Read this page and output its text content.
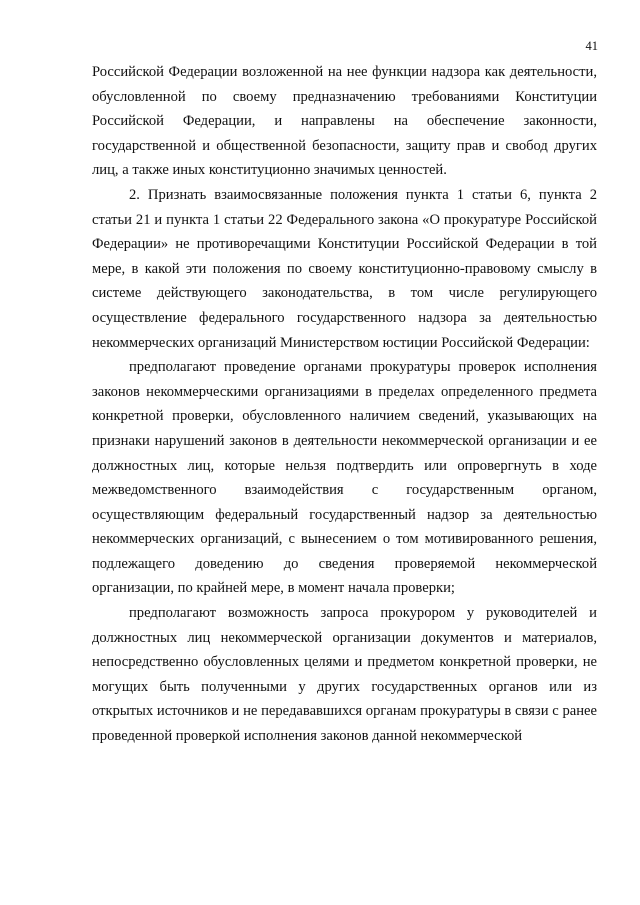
41

Российской Федерации возложенной на нее функции надзора как деятельности, обусловленной по своему предназначению требованиями Конституции Российской Федерации, и направлены на обеспечение законности, государственной и общественной безопасности, защиту прав и свобод других лиц, а также иных конституционно значимых ценностей.

2. Признать взаимосвязанные положения пункта 1 статьи 6, пункта 2 статьи 21 и пункта 1 статьи 22 Федерального закона «О прокуратуре Российской Федерации» не противоречащими Конституции Российской Федерации в той мере, в какой эти положения по своему конституционно-правовому смыслу в системе действующего законодательства, в том числе регулирующего осуществление федерального государственного надзора за деятельностью некоммерческих организаций Министерством юстиции Российской Федерации:

предполагают проведение органами прокуратуры проверок исполнения законов некоммерческими организациями в пределах определенного предмета конкретной проверки, обусловленного наличием сведений, указывающих на признаки нарушений законов в деятельности некоммерческой организации и ее должностных лиц, которые нельзя подтвердить или опровергнуть в ходе межведомственного взаимодействия с государственным органом, осуществляющим федеральный государственный надзор за деятельностью некоммерческих организаций, с вынесением о том мотивированного решения, подлежащего доведению до сведения проверяемой некоммерческой организации, по крайней мере, в момент начала проверки;

предполагают возможность запроса прокурором у руководителей и должностных лиц некоммерческой организации документов и материалов, непосредственно обусловленных целями и предметом конкретной проверки, не могущих быть полученными у других государственных органов или из открытых источников и не передававшихся органам прокуратуры в связи с ранее проведенной проверкой исполнения законов данной некоммерческой
